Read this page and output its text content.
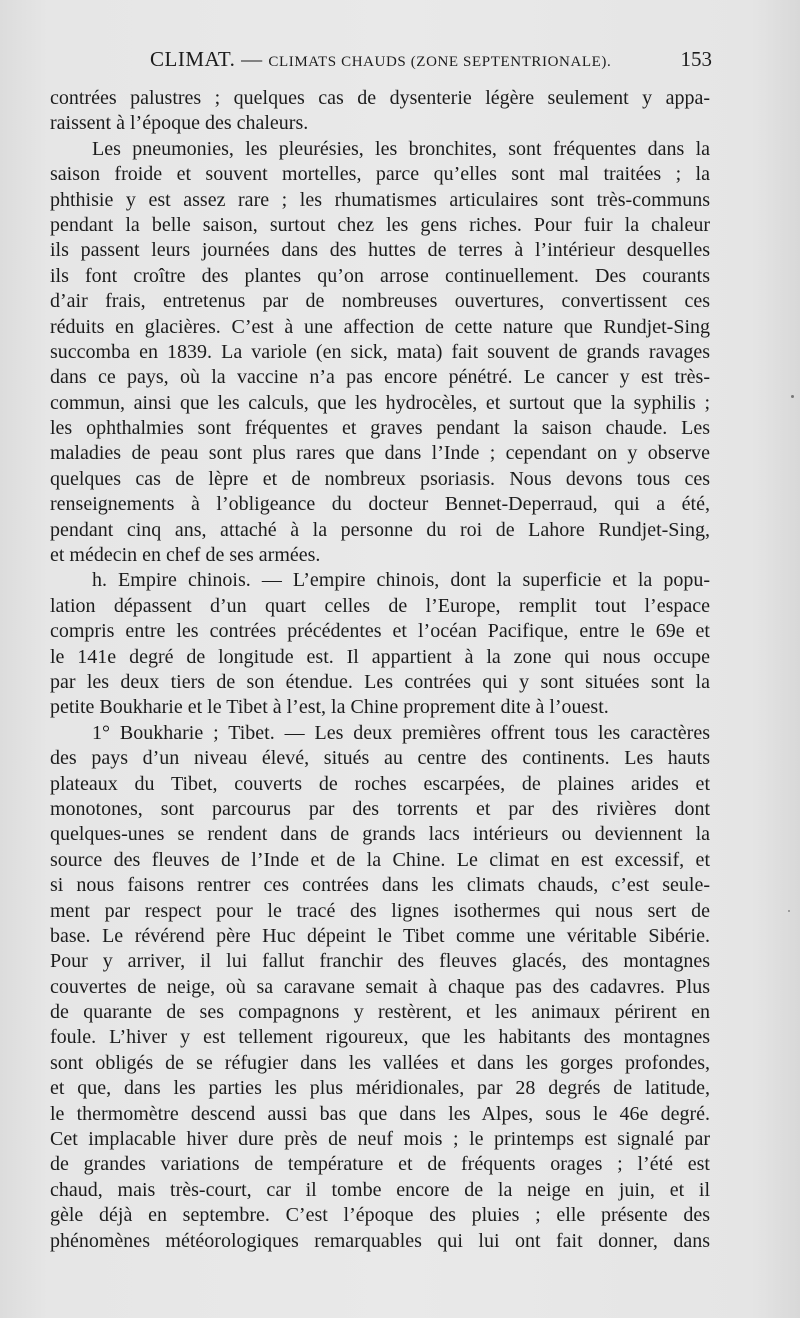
CLIMAT. — CLIMATS CHAUDS (ZONE SEPTENTRIONALE).	153
contrées palustres ; quelques cas de dysenterie légère seulement y appa-
raissent à l’époque des chaleurs.
Les pneumonies, les pleurésies, les bronchites, sont fréquentes dans la
saison froide et souvent mortelles, parce qu’elles sont mal traitées ; la
phthisie y est assez rare ; les rhumatismes articulaires sont très-communs
pendant la belle saison, surtout chez les gens riches. Pour fuir la chaleur
ils passent leurs journées dans des huttes de terres à l’intérieur desquelles
ils font croître des plantes qu’on arrose continuellement. Des courants
d’air frais, entretenus par de nombreuses ouvertures, convertissent ces
réduits en glacières. C’est à une affection de cette nature que Rundjet-Sing
succomba en 1839. La variole (en sick, mata) fait souvent de grands ravages
dans ce pays, où la vaccine n’a pas encore pénétré. Le cancer y est très-
commun, ainsi que les calculs, que les hydrocèles, et surtout que la syphilis ;
les ophthalmies sont fréquentes et graves pendant la saison chaude. Les
maladies de peau sont plus rares que dans l’Inde ; cependant on y observe
quelques cas de lèpre et de nombreux psoriasis. Nous devons tous ces
renseignements à l’obligeance du docteur Bennet-Deperraud, qui a été,
pendant cinq ans, attaché à la personne du roi de Lahore Rundjet-Sing,
et médecin en chef de ses armées.
h. Empire chinois. — L’empire chinois, dont la superficie et la popu-
lation dépassent d’un quart celles de l’Europe, remplit tout l’espace
compris entre les contrées précédentes et l’océan Pacifique, entre le 69e et
le 141e degré de longitude est. Il appartient à la zone qui nous occupe
par les deux tiers de son étendue. Les contrées qui y sont situées sont la
petite Boukharie et le Tibet à l’est, la Chine proprement dite à l’ouest.
1° Boukharie ; Tibet. — Les deux premières offrent tous les caractères
des pays d’un niveau élevé, situés au centre des continents. Les hauts
plateaux du Tibet, couverts de roches escarpées, de plaines arides et
monotones, sont parcourus par des torrents et par des rivières dont
quelques-unes se rendent dans de grands lacs intérieurs ou deviennent la
source des fleuves de l’Inde et de la Chine. Le climat en est excessif, et
si nous faisons rentrer ces contrées dans les climats chauds, c’est seule-
ment par respect pour le tracé des lignes isothermes qui nous sert de
base. Le révérend père Huc dépeint le Tibet comme une véritable Sibérie.
Pour y arriver, il lui fallut franchir des fleuves glacés, des montagnes
couvertes de neige, où sa caravane semait à chaque pas des cadavres. Plus
de quarante de ses compagnons y restèrent, et les animaux périrent en
foule. L’hiver y est tellement rigoureux, que les habitants des montagnes
sont obligés de se réfugier dans les vallées et dans les gorges profondes,
et que, dans les parties les plus méridionales, par 28 degrés de latitude,
le thermomètre descend aussi bas que dans les Alpes, sous le 46e degré.
Cet implacable hiver dure près de neuf mois ; le printemps est signalé par
de grandes variations de température et de fréquents orages ; l’été est
chaud, mais très-court, car il tombe encore de la neige en juin, et il
gèle déjà en septembre. C’est l’époque des pluies ; elle présente des
phénomènes météorologiques remarquables qui lui ont fait donner, dans
